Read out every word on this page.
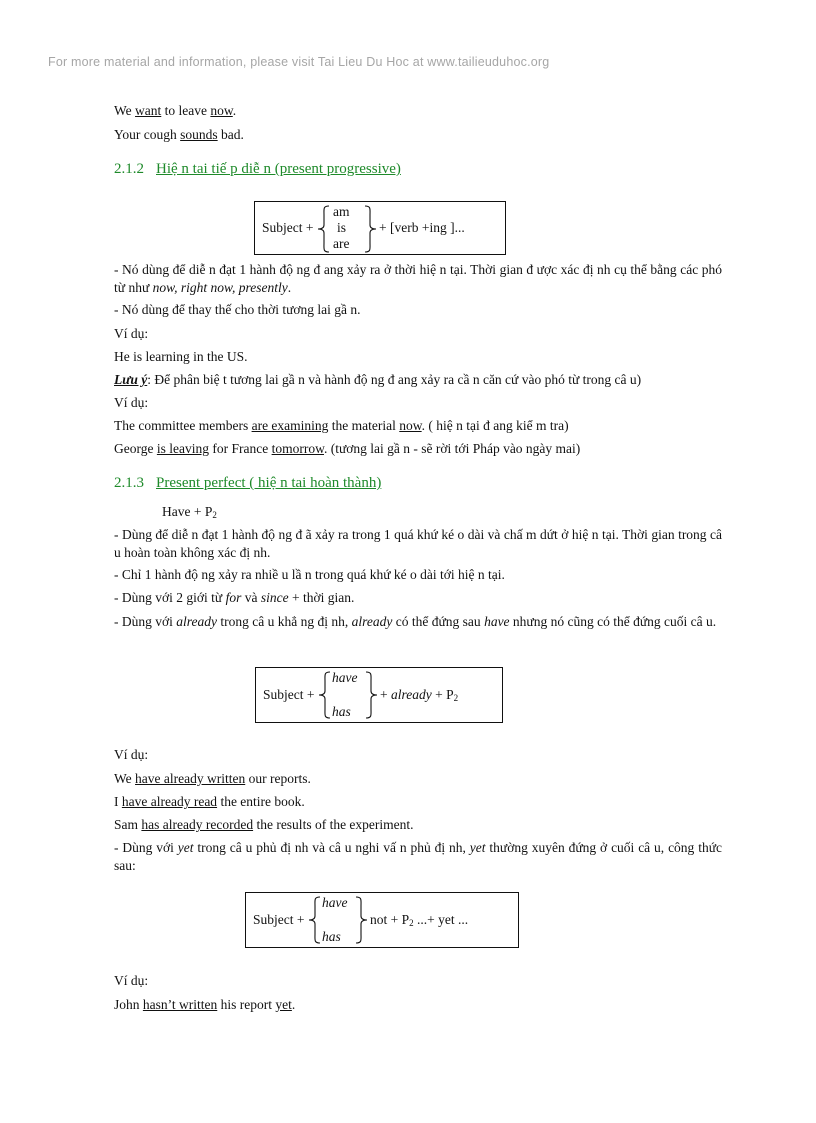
For more material and information, please visit Tai Lieu Du Hoc at www.tailieuduhoc.org
We want to leave now.
Your cough sounds bad.
2.1.2 Hiệ n tai tiế p diễ n (present progressive)
Subject +
am
is
are
+ [verb +ing ]...
- Nó dùng để diễ n đạt 1 hành độ ng đ ang xảy ra ở thời hiệ n tại. Thời gian đ ược xác đị nh cụ thể bằng các phó từ như now, right now, presently.
- Nó dùng để thay thế cho thời tương lai gầ n.
Ví dụ:
He is learning in the US.
Lưu ý: Để phân biệ t tương lai gầ n và hành độ ng đ ang xảy ra cầ n căn cứ vào phó từ trong câ u)
Ví dụ:
The committee members are examining the material now. ( hiệ n tại đ ang kiể m tra)
George is leaving for France tomorrow. (tương lai gầ n - sẽ rời tới Pháp vào ngày mai)
2.1.3 Present perfect ( hiệ n tai hoàn thành)
Have + $P_2$
- Dùng để diễ n đạt 1 hành độ ng đ ã xảy ra trong 1 quá khứ ké o dài và chấ m dứt ở hiệ n tại. Thời gian trong câ u hoàn toàn không xác đị nh.
- Chỉ 1 hành độ ng xảy ra nhiề u lầ n trong quá khứ ké o dài tới hiệ n tại.
- Dùng với 2 giới từ for và since + thời gian.
- Dùng với already trong câ u khẳ ng đị nh, already có thể đứng sau have nhưng nó cũng có thể đứng cuối câ u.
Subject +
have
has
+ already + $P_2$
Ví dụ:
We have already written our reports.
I have already read the entire book.
Sam has already recorded the results of the experiment.
- Dùng với yet trong câ u phủ đị nh và câ u nghi vấ n phủ đị nh, yet thường xuyên đứng ở cuối câ u, công thức sau:
Subject +
have
has
not + $P_2$ ...+ yet ...
Ví dụ:
John hasn’t written his report yet.
